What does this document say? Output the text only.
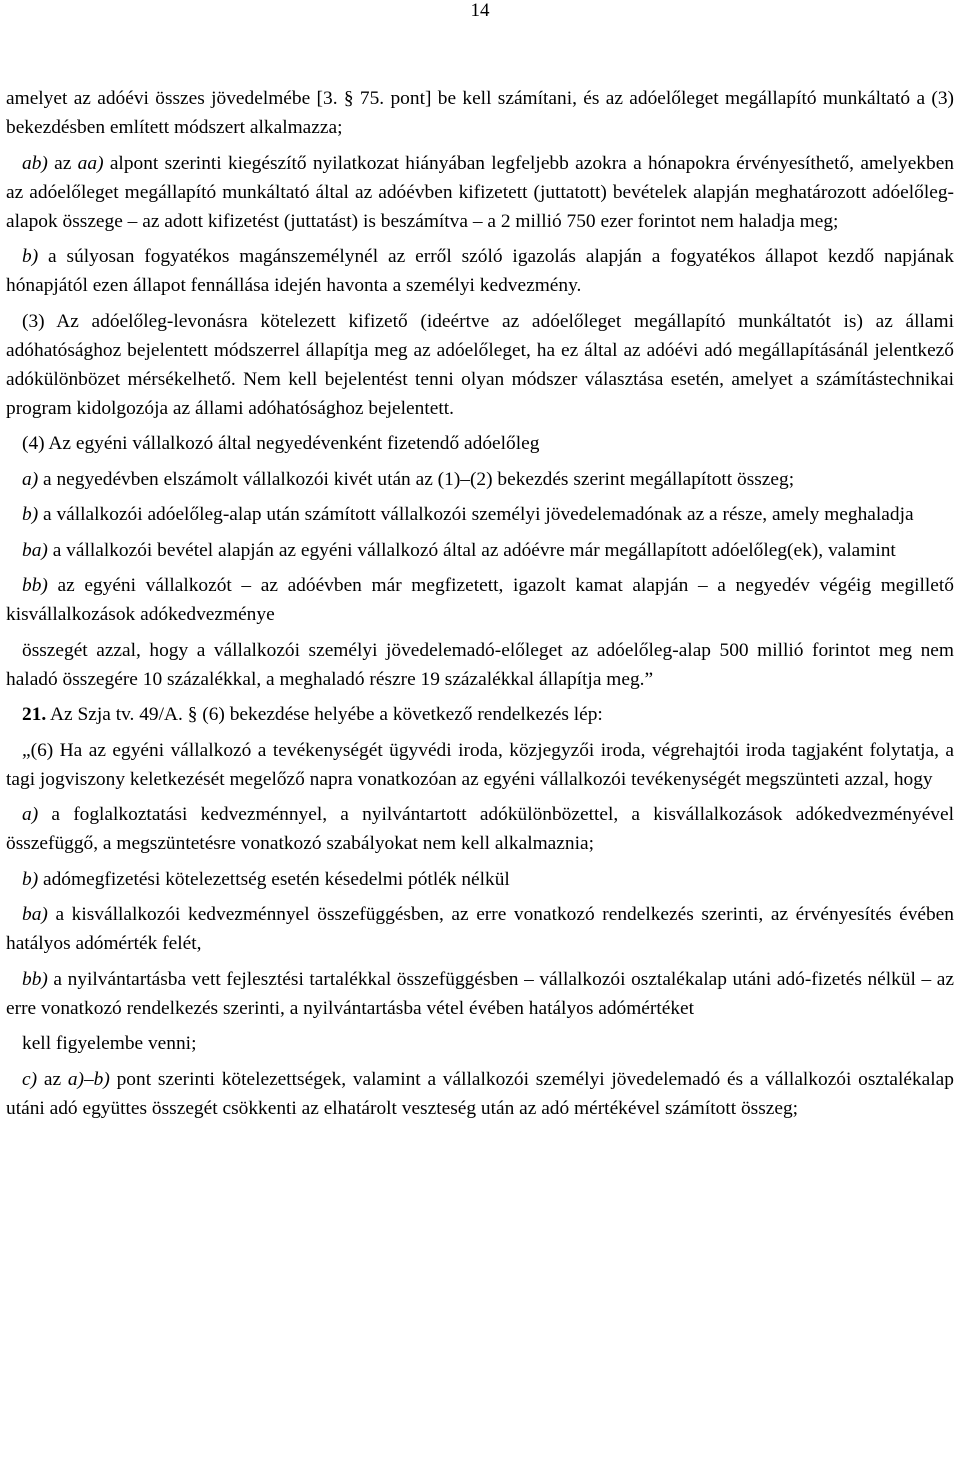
14

amelyet az adóévi összes jövedelmébe [3. § 75. pont] be kell számítani, és az adóelőleget megállapító munkáltató a (3) bekezdésben említett módszert alkalmazza;

ab) az aa) alpont szerinti kiegészítő nyilatkozat hiányában legfeljebb azokra a hónapokra érvényesíthető, amelyekben az adóelőleget megállapító munkáltató által az adóévben kifizetett (juttatott) bevételek alapján meghatározott adóelőleg-alapok összege – az adott kifizetést (juttatást) is beszámítva – a 2 millió 750 ezer forintot nem haladja meg;

b) a súlyosan fogyatékos magánszemélynél az erről szóló igazolás alapján a fogyatékos állapot kezdő napjának hónapjától ezen állapot fennállása idején havonta a személyi kedvezmény.

(3) Az adóelőleg-levonásra kötelezett kifizető (ideértve az adóelőleget megállapító munkáltatót is) az állami adóhatósághoz bejelentett módszerrel állapítja meg az adóelőleget, ha ez által az adóévi adó megállapításánál jelentkező adókülönbözet mérsékelhető. Nem kell bejelentést tenni olyan módszer választása esetén, amelyet a számítástechnikai program kidolgozója az állami adóhatósághoz bejelentett.

(4) Az egyéni vállalkozó által negyedévenként fizetendő adóelőleg

a) a negyedévben elszámolt vállalkozói kivét után az (1)–(2) bekezdés szerint megállapított összeg;

b) a vállalkozói adóelőleg-alap után számított vállalkozói személyi jövedelemadónak az a része, amely meghaladja

ba) a vállalkozói bevétel alapján az egyéni vállalkozó által az adóévre már megállapított adóelőleg(ek), valamint

bb) az egyéni vállalkozót – az adóévben már megfizetett, igazolt kamat alapján – a negyedév végéig megillető kisvállalkozások adókedvezménye

összegét azzal, hogy a vállalkozói személyi jövedelemadó-előleget az adóelőleg-alap 500 millió forintot meg nem haladó összegére 10 százalékkal, a meghaladó részre 19 százalékkal állapítja meg.”

21. Az Szja tv. 49/A. § (6) bekezdése helyébe a következő rendelkezés lép:

„(6) Ha az egyéni vállalkozó a tevékenységét ügyvédi iroda, közjegyzői iroda, végrehajtói iroda tagjaként folytatja, a tagi jogviszony keletkezését megelőző napra vonatkozóan az egyéni vállalkozói tevékenységét megszünteti azzal, hogy

a) a foglalkoztatási kedvezménnyel, a nyilvántartott adókülönbözettel, a kisvállalkozások adókedvezményével összefüggő, a megszüntetésre vonatkozó szabályokat nem kell alkalmaznia;

b) adómegfizetési kötelezettség esetén késedelmi pótlék nélkül

ba) a kisvállalkozói kedvezménnyel összefüggésben, az erre vonatkozó rendelkezés szerinti, az érvényesítés évében hatályos adómérték felét,

bb) a nyilvántartásba vett fejlesztési tartalékkal összefüggésben – vállalkozói osztalékalap utáni adó-fizetés nélkül – az erre vonatkozó rendelkezés szerinti, a nyilvántartásba vétel évében hatályos adómértéket

kell figyelembe venni;

c) az a)–b) pont szerinti kötelezettségek, valamint a vállalkozói személyi jövedelemadó és a vállalkozói osztalékalap utáni adó együttes összegét csökkenti az elhatárolt veszteség után az adó mértékével számított összeg;
